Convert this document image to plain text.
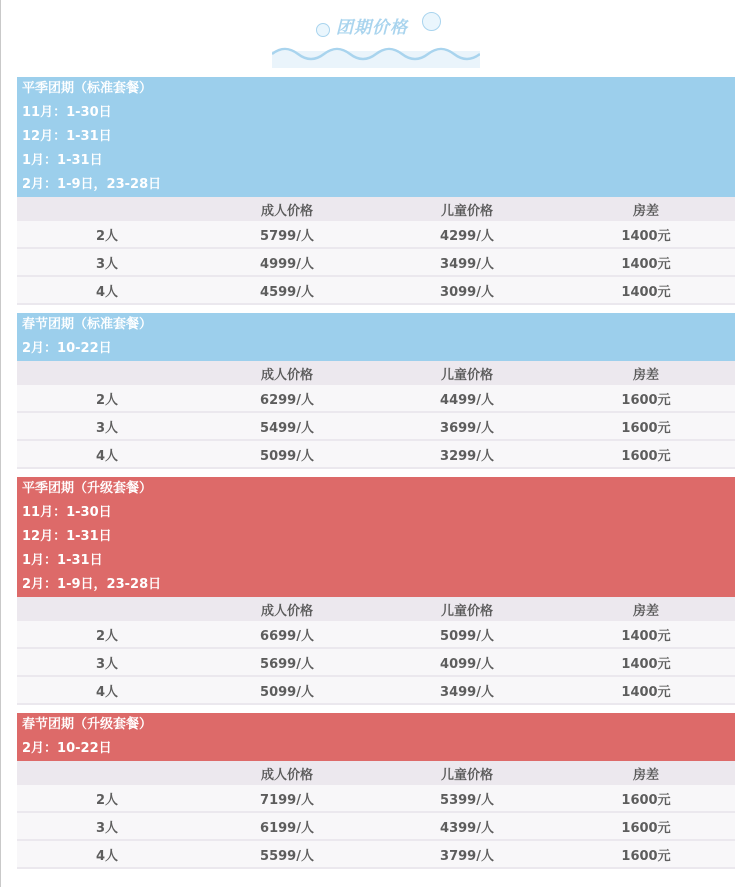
团期价格
平季团期（标准套餐）
11月：1-30日
12月：1-31日
1月：1-31日
2月：1-9日，23-28日
	成人价格	儿童价格	房差
2人	5799/人	4299/人	1400元
3人	4999/人	3499/人	1400元
4人	4599/人	3099/人	1400元
春节团期（标准套餐）
2月：10-22日
	成人价格	儿童价格	房差
2人	6299/人	4499/人	1600元
3人	5499/人	3699/人	1600元
4人	5099/人	3299/人	1600元
平季团期（升级套餐）
11月：1-30日
12月：1-31日
1月：1-31日
2月：1-9日，23-28日
	成人价格	儿童价格	房差
2人	6699/人	5099/人	1400元
3人	5699/人	4099/人	1400元
4人	5099/人	3499/人	1400元
春节团期（升级套餐）
2月：10-22日
	成人价格	儿童价格	房差
2人	7199/人	5399/人	1600元
3人	6199/人	4399/人	1600元
4人	5599/人	3799/人	1600元
